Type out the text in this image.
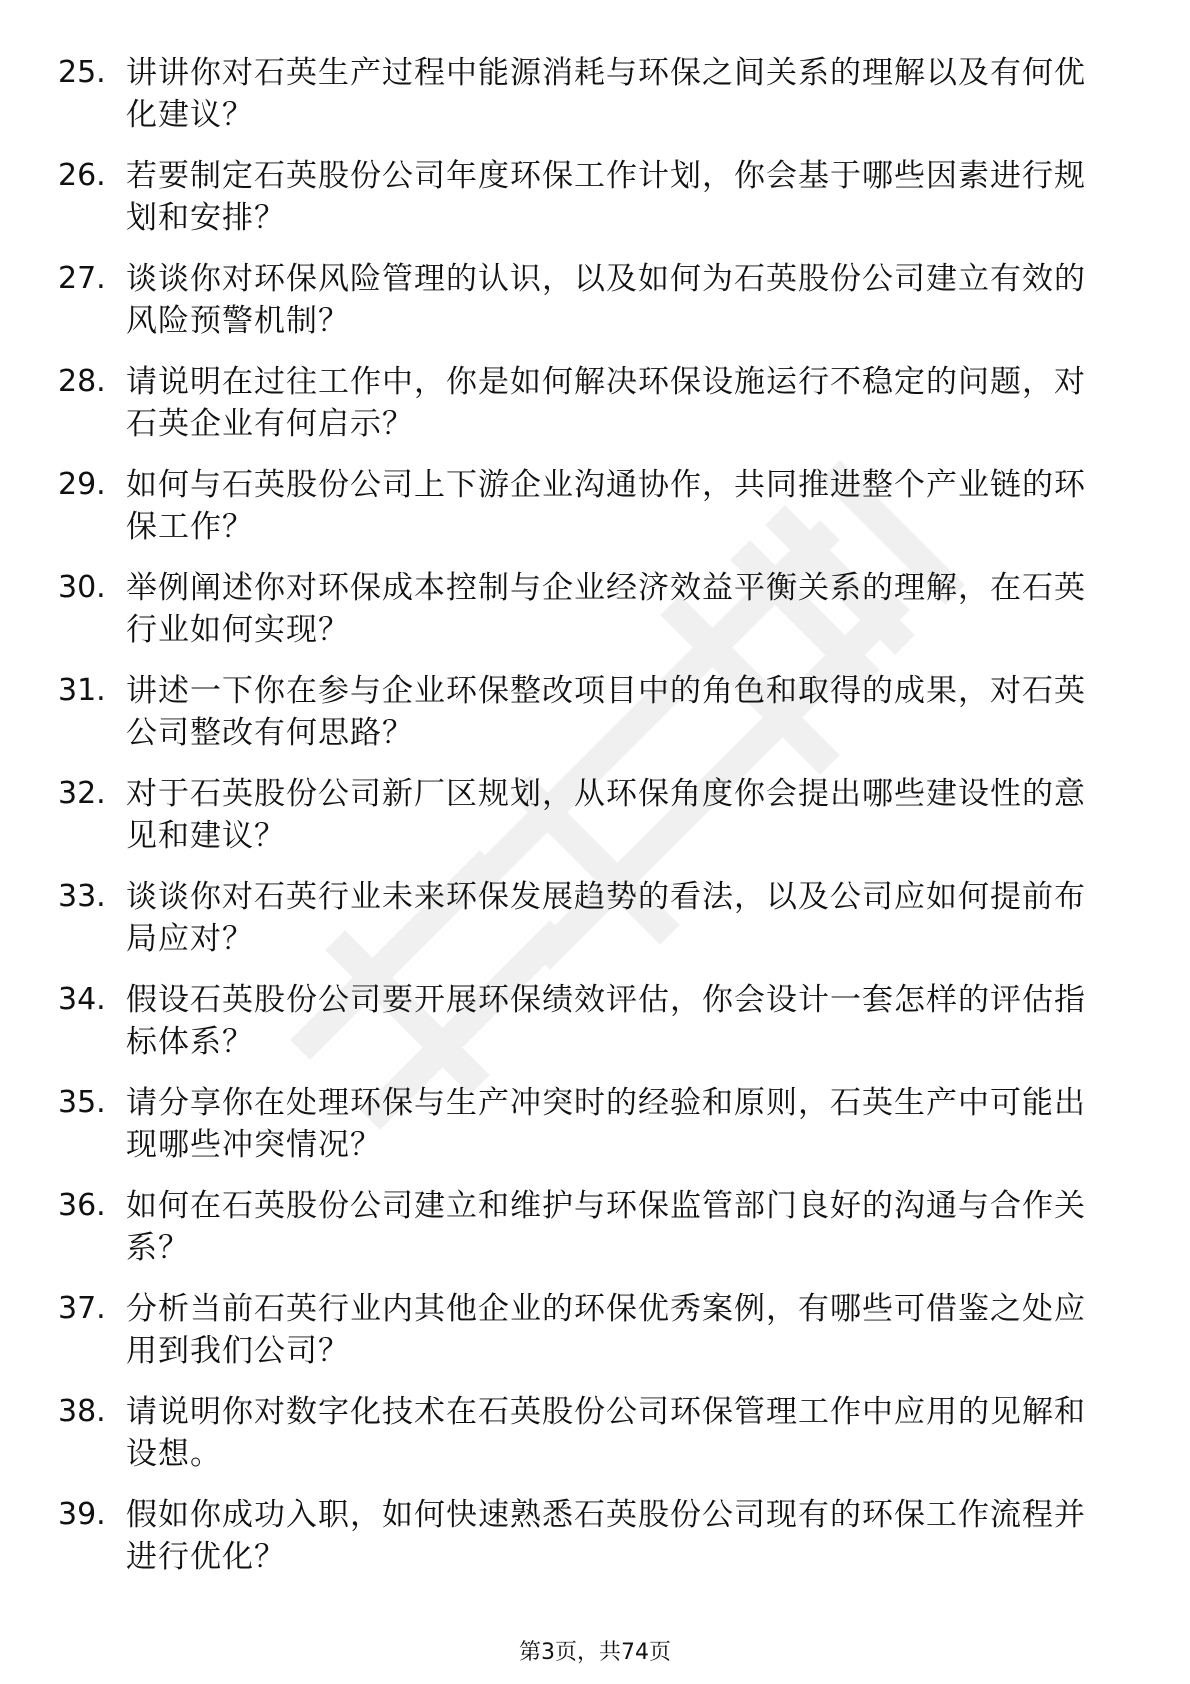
25. 讲讲你对石英生产过程中能源消耗与环保之间关系的理解以及有何优化建议？
26. 若要制定石英股份公司年度环保工作计划，你会基于哪些因素进行规划和安排？
27. 谈谈你对环保风险管理的认识，以及如何为石英股份公司建立有效的风险预警机制？
28. 请说明在过往工作中，你是如何解决环保设施运行不稳定的问题，对石英企业有何启示？
29. 如何与石英股份公司上下游企业沟通协作，共同推进整个产业链的环保工作？
30. 举例阐述你对环保成本控制与企业经济效益平衡关系的理解，在石英行业如何实现？
31. 讲述一下你在参与企业环保整改项目中的角色和取得的成果，对石英公司整改有何思路？
32. 对于石英股份公司新厂区规划，从环保角度你会提出哪些建设性的意见和建议？
33. 谈谈你对石英行业未来环保发展趋势的看法，以及公司应如何提前布局应对？
34. 假设石英股份公司要开展环保绩效评估，你会设计一套怎样的评估指标体系？
35. 请分享你在处理环保与生产冲突时的经验和原则，石英生产中可能出现哪些冲突情况？
36. 如何在石英股份公司建立和维护与环保监管部门良好的沟通与合作关系？
37. 分析当前石英行业内其他企业的环保优秀案例，有哪些可借鉴之处应用到我们公司？
38. 请说明你对数字化技术在石英股份公司环保管理工作中应用的见解和设想。
39. 假如你成功入职，如何快速熟悉石英股份公司现有的环保工作流程并进行优化？
第3页，共74页
